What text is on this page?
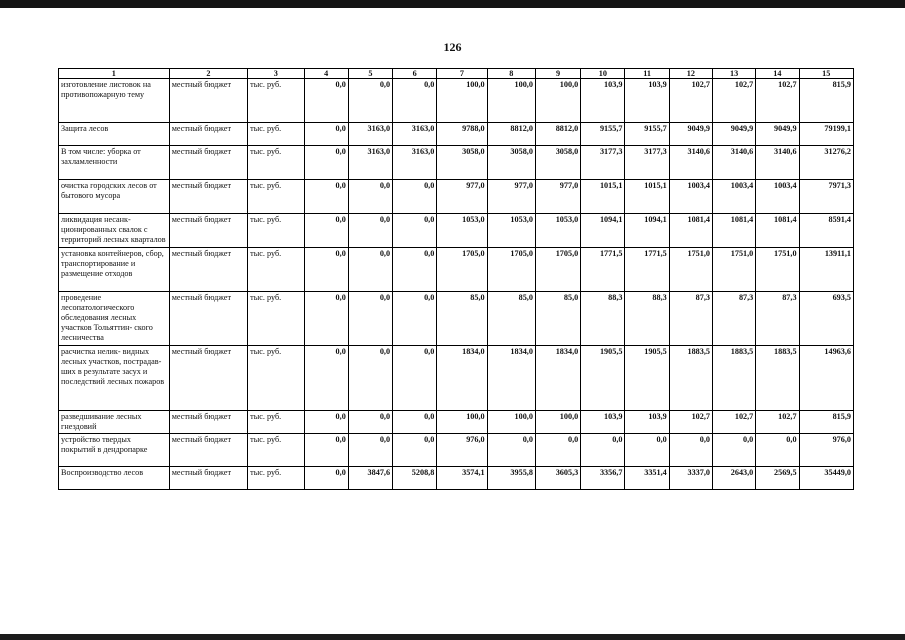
126
1	2	3	4	5	6	7	8	9	10	11	12	13	14	15
изготовление листовок на противопожарную тему	местный бюджет	тыс. руб.	0,0	0,0	0,0	100,0	100,0	100,0	103,9	103,9	102,7	102,7	102,7	815,9
Защита лесов	местный бюджет	тыс. руб.	0,0	3163,0	3163,0	9788,0	8812,0	8812,0	9155,7	9155,7	9049,9	9049,9	9049,9	79199,1
В том числе: уборка от захламленности	местный бюджет	тыс. руб.	0,0	3163,0	3163,0	3058,0	3058,0	3058,0	3177,3	3177,3	3140,6	3140,6	3140,6	31276,2
очистка городских лесов от бытового мусора	местный бюджет	тыс. руб.	0,0	0,0	0,0	977,0	977,0	977,0	1015,1	1015,1	1003,4	1003,4	1003,4	7971,3
ликвидация несанк- ционированных свалок с территорий лесных кварталов	местный бюджет	тыс. руб.	0,0	0,0	0,0	1053,0	1053,0	1053,0	1094,1	1094,1	1081,4	1081,4	1081,4	8591,4
установка контейнеров, сбор, транспортирование и размещение отходов	местный бюджет	тыс. руб.	0,0	0,0	0,0	1705,0	1705,0	1705,0	1771,5	1771,5	1751,0	1751,0	1751,0	13911,1
проведение лесопатологического обследования лесных участков Тольяттин- ского лесничества	местный бюджет	тыс. руб.	0,0	0,0	0,0	85,0	85,0	85,0	88,3	88,3	87,3	87,3	87,3	693,5
расчистка нелик- видных лесных участков, пострадав- ших в результате засух и последствий лесных пожаров	местный бюджет	тыс. руб.	0,0	0,0	0,0	1834,0	1834,0	1834,0	1905,5	1905,5	1883,5	1883,5	1883,5	14963,6
разведшивание лесных гнездовий	местный бюджет	тыс. руб.	0,0	0,0	0,0	100,0	100,0	100,0	103,9	103,9	102,7	102,7	102,7	815,9
устройство твердых покрытий в дендропарке	местный бюджет	тыс. руб.	0,0	0,0	0,0	976,0	0,0	0,0	0,0	0,0	0,0	0,0	0,0	976,0
Воспроизводство лесов	местный бюджет	тыс. руб.	0,0	3847,6	5208,8	3574,1	3955,8	3605,3	3356,7	3351,4	3337,0	2643,0	2569,5	35449,0
